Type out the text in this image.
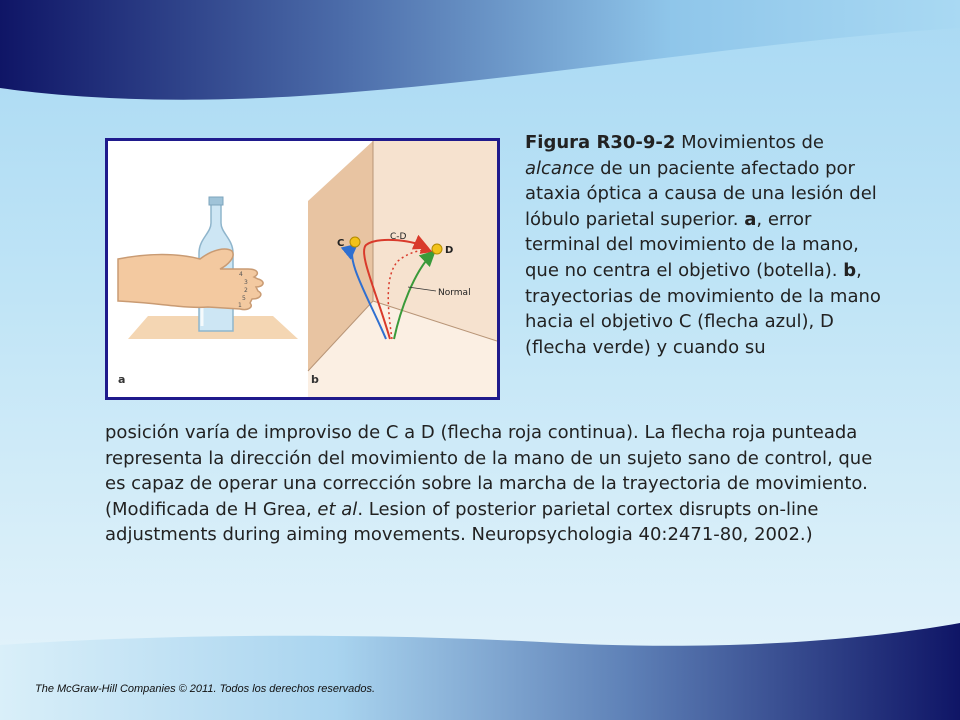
4
3
2
5
1
a
C
D
C-D
Normal
b
Figura R30-9-2 Movimientos de alcance de un paciente afectado por ataxia óptica a causa de una lesión del lóbulo parietal superior. a, error terminal del movimiento de la mano, que no centra el objetivo (botella). b, trayectorias de movimiento de la mano hacia el objetivo C (flecha azul), D (flecha verde) y cuando su
posición varía de improviso de C a D (flecha roja continua). La flecha roja punteada representa la dirección del movimiento de la mano de un sujeto sano de control, que es capaz de operar una corrección sobre la marcha de la trayectoria de movimiento. (Modificada de H Grea, et al. Lesion of posterior parietal cortex disrupts on-line adjustments during aiming movements. Neuropsychologia 40:2471-80, 2002.)
The McGraw-Hill Companies © 2011. Todos los derechos reservados.
